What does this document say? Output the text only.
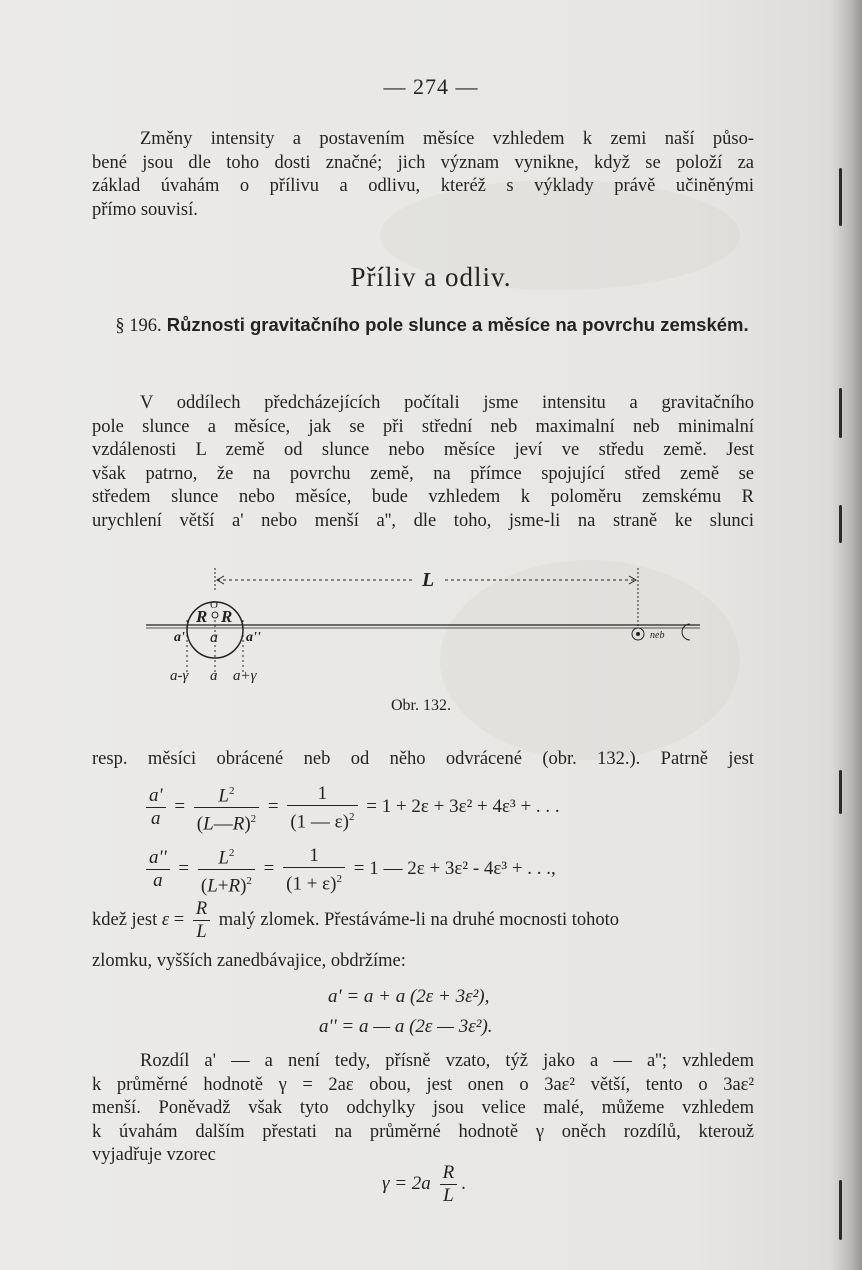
— 274 —
Změny intensity a postavením měsíce vzhledem k zemi naší půso-
bené jsou dle toho dosti značné; jich význam vynikne, když se položí za
základ úvahám o přílivu a odlivu, kteréž s výklady právě učiněnými
přímo souvisí.
Příliv a odliv.
§ 196. Různosti gravitačního pole slunce a měsíce na povrchu zemském.
V oddílech předcházejících počítali jsme intensitu a gravitačního
pole slunce a měsíce, jak se při střední neb maximalní neb minimalní
vzdálenosti L země od slunce nebo měsíce jeví ve středu země. Jest
však patrno, že na povrchu země, na přímce spojující střed země se
středem slunce nebo měsíce, bude vzhledem k poloměru zemskému R
urychlení větší a' nebo menší a'', dle toho, jsme-li na straně ke slunci
L
O
R R
a' a a''
a-γ a a+γ
neb
Obr. 132.
resp. měsíci obrácené neb od něho odvrácené (obr. 132.). Patrně jest
$\frac{a'}{a} = \frac{L^2}{(L—R)^2} = \frac{1}{(1 — \varepsilon)^2} = 1 + 2\varepsilon + 3\varepsilon^2 + 4\varepsilon^3$ + . . .
$\frac{a''}{a} = \frac{L^2}{(L+R)^2} = \frac{1}{(1 + \varepsilon)^2} = 1$ — 2ε + 3ε² - 4ε³ + . . .,
kdež jest $\varepsilon = \frac{R}{L}$ malý zlomek. Přestáváme-li na druhé mocnosti tohoto
zlomku, vyšších zanedbávajice, obdržíme:
a' = a + a (2ε + 3ε²),
a'' = a — a (2ε — 3ε²).
Rozdíl a' — a není tedy, přísně vzato, týž jako a — a''; vzhledem
k průměrné hodnotě γ = 2aε obou, jest onen o 3aε² větší, tento o 3aε²
menší. Poněvadž však tyto odchylky jsou velice malé, můžeme vzhledem
k úvahám dalším přestati na průměrné hodnotě γ oněch rozdílů, kterouž
vyjadřuje vzorec
$\gamma = 2a \frac{R}{L}$ .
